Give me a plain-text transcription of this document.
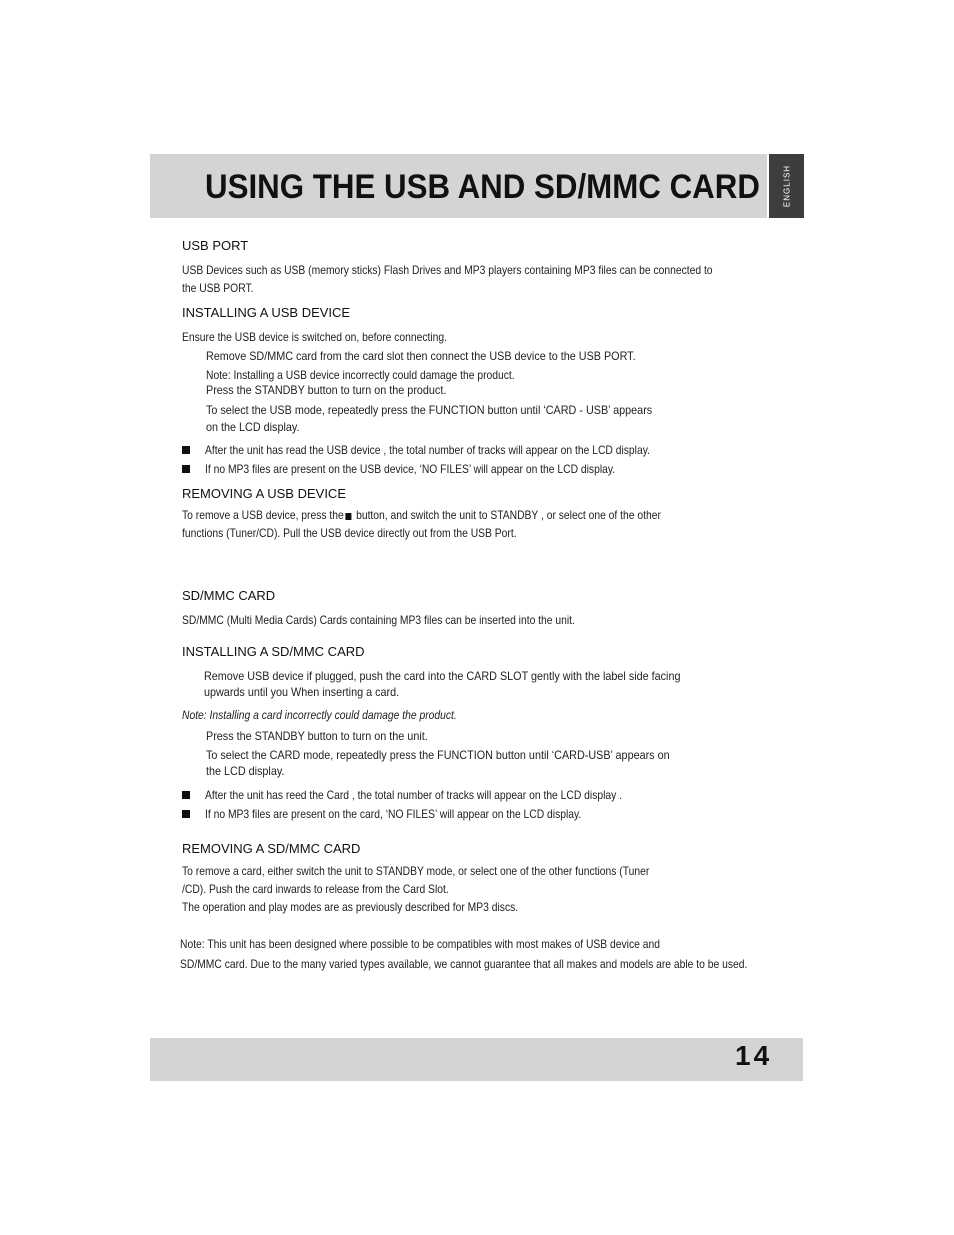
USING THE USB AND SD/MMC CARD	ENGLISH

USB PORT

USB Devices such as USB (memory sticks) Flash Drives and MP3 players containing MP3 files can be connected to

the USB PORT.

INSTALLING A USB DEVICE

Ensure the USB device is switched on, before connecting.

Remove SD/MMC card from the card slot then connect the USB device to the USB PORT.

Note: Installing a USB device incorrectly could damage the product.

Press the STANDBY button to turn on the product.

To select the USB mode, repeatedly press the FUNCTION button until ‘CARD - USB’ appears

on the LCD display.

After the unit has read the USB device , the total number of tracks will appear on the LCD display.

If no MP3 files are present on the USB device, ‘NO FILES’ will appear on the LCD display.

REMOVING A USB DEVICE

To remove a USB device, press the button, and switch the unit to STANDBY , or select one of the other

functions (Tuner/CD). Pull the USB device directly out from the USB Port.

SD/MMC CARD

SD/MMC (Multi Media Cards) Cards containing MP3 files can be inserted into the unit.

INSTALLING A SD/MMC CARD

Remove USB device if plugged, push the card into the CARD SLOT gently with the label side facing

upwards until you When inserting a card.

Note: Installing a card incorrectly could damage the product.

Press the STANDBY button to turn on the unit.

To select the CARD mode, repeatedly press the FUNCTION button until ‘CARD-USB’ appears on

the LCD display.

After the unit has reed the Card , the total number of tracks will appear on the LCD display .

If no MP3 files are present on the card, ‘NO FILES’ will appear on the LCD display.

REMOVING A SD/MMC CARD

To remove a card, either switch the unit to STANDBY mode, or select one of the other functions (Tuner

/CD). Push the card inwards to release from the Card Slot.

The operation and play modes are as previously described for MP3 discs.

Note: This unit has been designed where possible to be compatibles with most makes of USB device and

SD/MMC card. Due to the many varied types available, we cannot guarantee that all makes and models are able to be used.

14
